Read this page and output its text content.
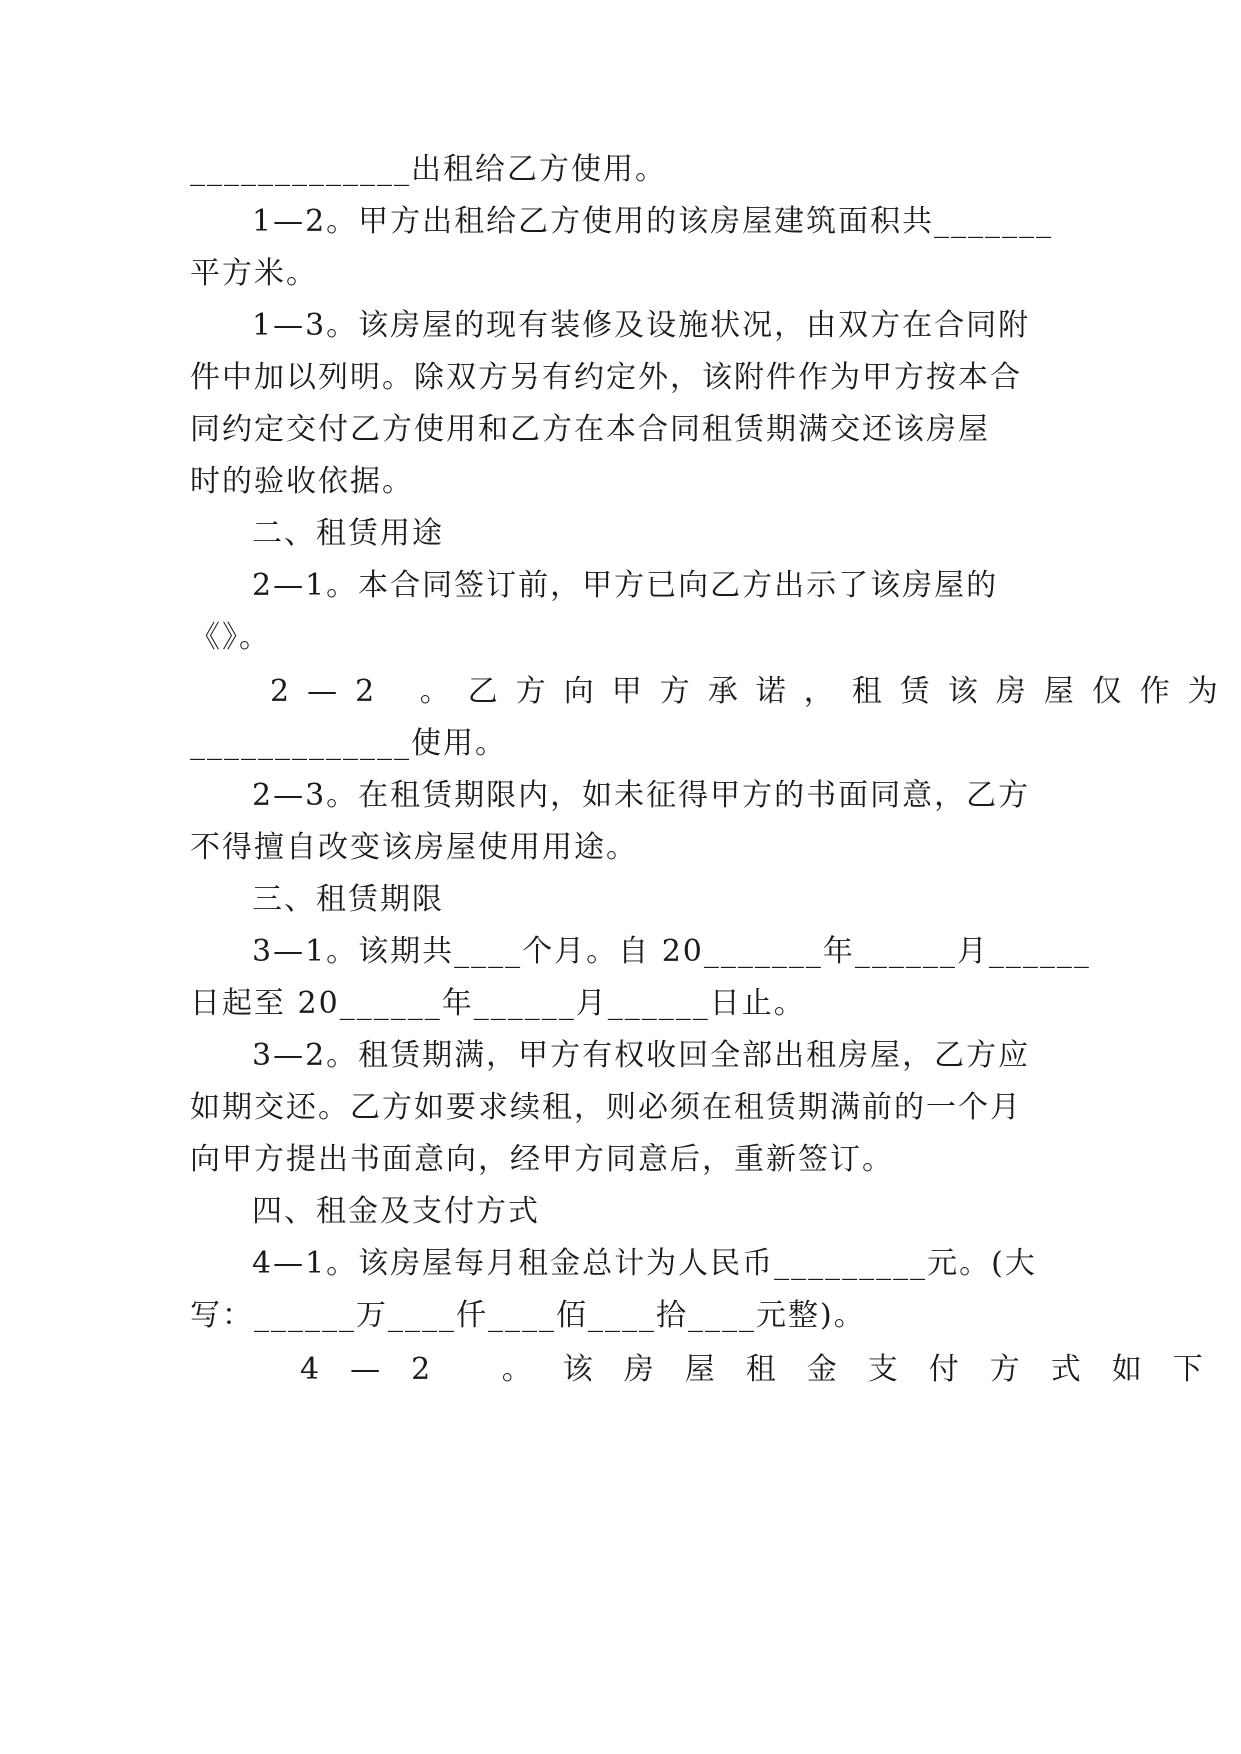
_____________出租给乙方使用。
1—2。甲方出租给乙方使用的该房屋建筑面积共_______
平方米。
1—3。该房屋的现有装修及设施状况，由双方在合同附
件中加以列明。除双方另有约定外，该附件作为甲方按本合
同约定交付乙方使用和乙方在本合同租赁期满交还该房屋
时的验收依据。
二、租赁用途
2—1。本合同签订前，甲方已向乙方出示了该房屋的
《》。
2—2 。乙方向甲方承诺，租赁该房屋仅作为
_____________使用。
2—3。在租赁期限内，如未征得甲方的书面同意，乙方
不得擅自改变该房屋使用用途。
三、租赁期限
3—1。该期共____个月。自 20_______年______月______
日起至 20______年______月______日止。
3—2。租赁期满，甲方有权收回全部出租房屋，乙方应
如期交还。乙方如要求续租，则必须在租赁期满前的一个月
向甲方提出书面意向，经甲方同意后，重新签订。
四、租金及支付方式
4—1。该房屋每月租金总计为人民币_________元。(大
写：______万____仟____佰____拾____元整)。
4—2 。该房屋租金支付方式如下
